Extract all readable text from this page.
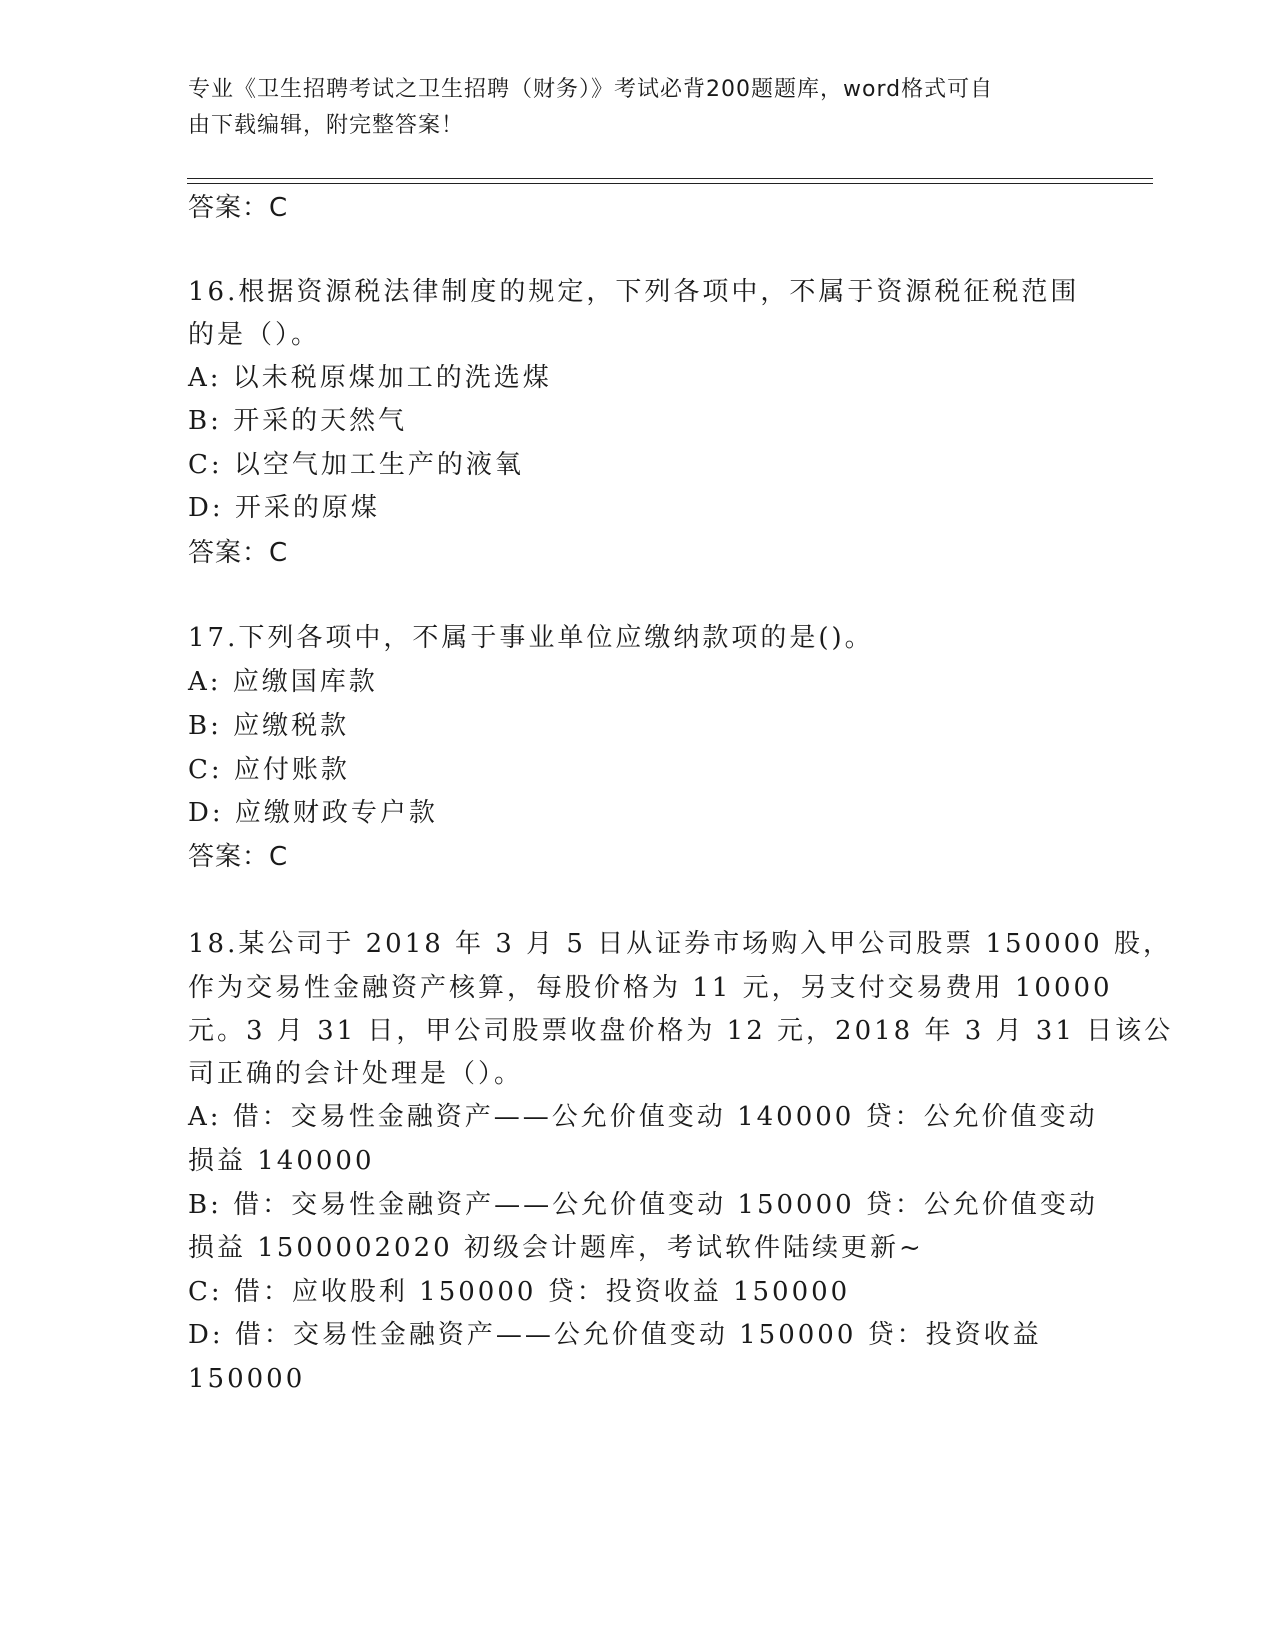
专业《卫生招聘考试之卫生招聘（财务）》考试必背200题题库，word格式可自
由下载编辑，附完整答案！
答案：C
16.根据资源税法律制度的规定，下列各项中，不属于资源税征税范围
的是（）。
A: 以未税原煤加工的洗选煤
B: 开采的天然气
C: 以空气加工生产的液氧
D: 开采的原煤
答案：C
17.下列各项中，不属于事业单位应缴纳款项的是()。
A: 应缴国库款
B: 应缴税款
C: 应付账款
D: 应缴财政专户款
答案：C
18.某公司于 2018 年 3 月 5 日从证券市场购入甲公司股票 150000 股，
作为交易性金融资产核算，每股价格为 11 元，另支付交易费用 10000
元。3 月 31 日，甲公司股票收盘价格为 12 元，2018 年 3 月 31 日该公
司正确的会计处理是（）。
A: 借：交易性金融资产——公允价值变动 140000 贷：公允价值变动
损益 140000
B: 借：交易性金融资产——公允价值变动 150000 贷：公允价值变动
损益 1500002020 初级会计题库，考试软件陆续更新~
C: 借：应收股利 150000 贷：投资收益 150000
D: 借：交易性金融资产——公允价值变动 150000 贷：投资收益
150000
